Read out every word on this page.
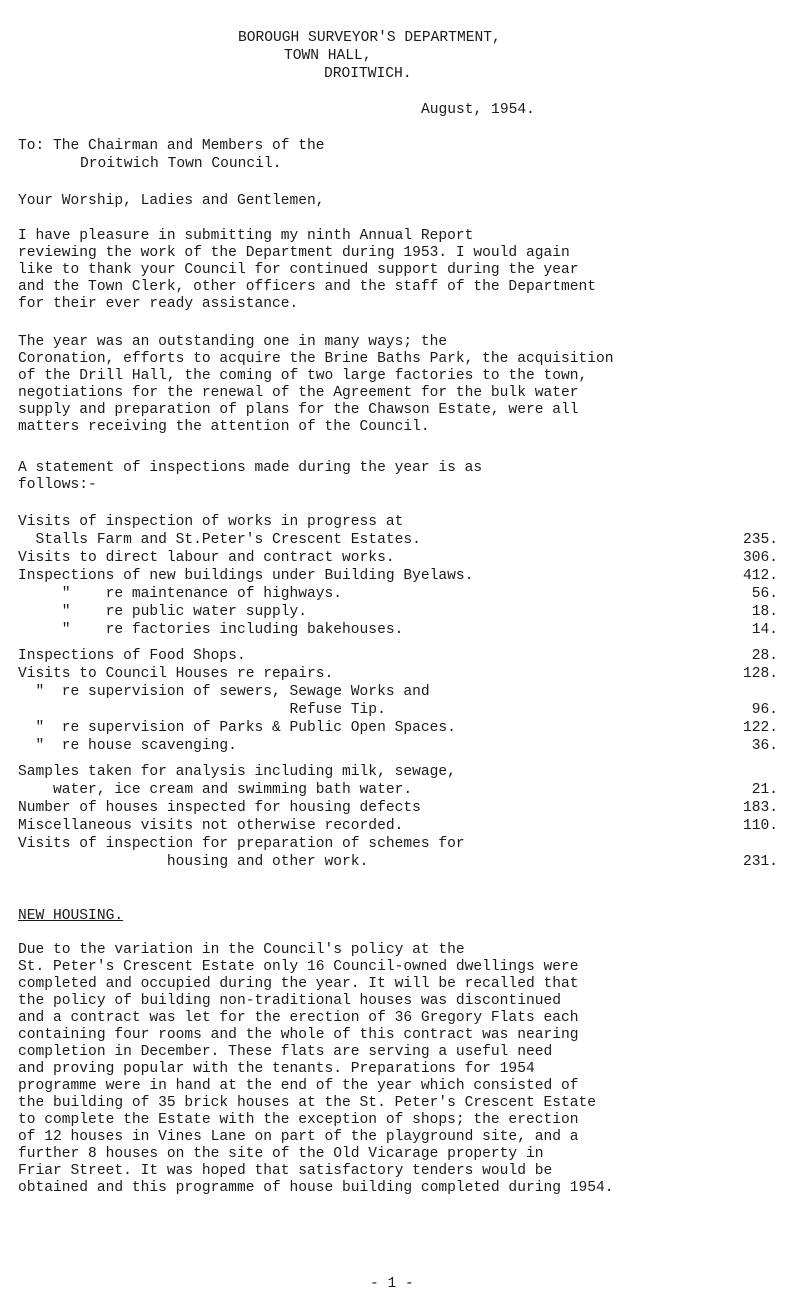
BOROUGH SURVEYOR'S DEPARTMENT,
TOWN HALL,
DROITWICH.
August, 1954.
To: The Chairman and Members of the
Droitwich Town Council.
Your Worship, Ladies and Gentlemen,
I have pleasure in submitting my ninth Annual Report
reviewing the work of the Department during 1953. I would again
like to thank your Council for continued support during the year
and the Town Clerk, other officers and the staff of the Department
for their ever ready assistance.
The year was an outstanding one in many ways; the
Coronation, efforts to acquire the Brine Baths Park, the acquisition
of the Drill Hall, the coming of two large factories to the town,
negotiations for the renewal of the Agreement for the bulk water
supply and preparation of plans for the Chawson Estate, were all
matters receiving the attention of the Council.
A statement of inspections made during the year is as
follows:-
Visits of inspection of works in progress at
Stalls Farm and St.Peter's Crescent Estates.	235.
Visits to direct labour and contract works.	306.
Inspections of new buildings under Building Byelaws.	412.
"    re maintenance of highways.	56.
"    re public water supply.	18.
"    re factories including bakehouses.	14.
Inspections of Food Shops.	28.
Visits to Council Houses re repairs.	128.
"  re supervision of sewers, Sewage Works and
Refuse Tip.	96.
"  re supervision of Parks & Public Open Spaces.	122.
"  re house scavenging.	36.
Samples taken for analysis including milk, sewage,
water, ice cream and swimming bath water.	21.
Number of houses inspected for housing defects	183.
Miscellaneous visits not otherwise recorded.	110.
Visits of inspection for preparation of schemes for
housing and other work.	231.
NEW HOUSING.
Due to the variation in the Council's policy at the
St. Peter's Crescent Estate only 16 Council-owned dwellings were
completed and occupied during the year. It will be recalled that
the policy of building non-traditional houses was discontinued
and a contract was let for the erection of 36 Gregory Flats each
containing four rooms and the whole of this contract was nearing
completion in December. These flats are serving a useful need
and proving popular with the tenants. Preparations for 1954
programme were in hand at the end of the year which consisted of
the building of 35 brick houses at the St. Peter's Crescent Estate
to complete the Estate with the exception of shops; the erection
of 12 houses in Vines Lane on part of the playground site, and a
further 8 houses on the site of the Old Vicarage property in
Friar Street. It was hoped that satisfactory tenders would be
obtained and this programme of house building completed during 1954.
- 1 -
